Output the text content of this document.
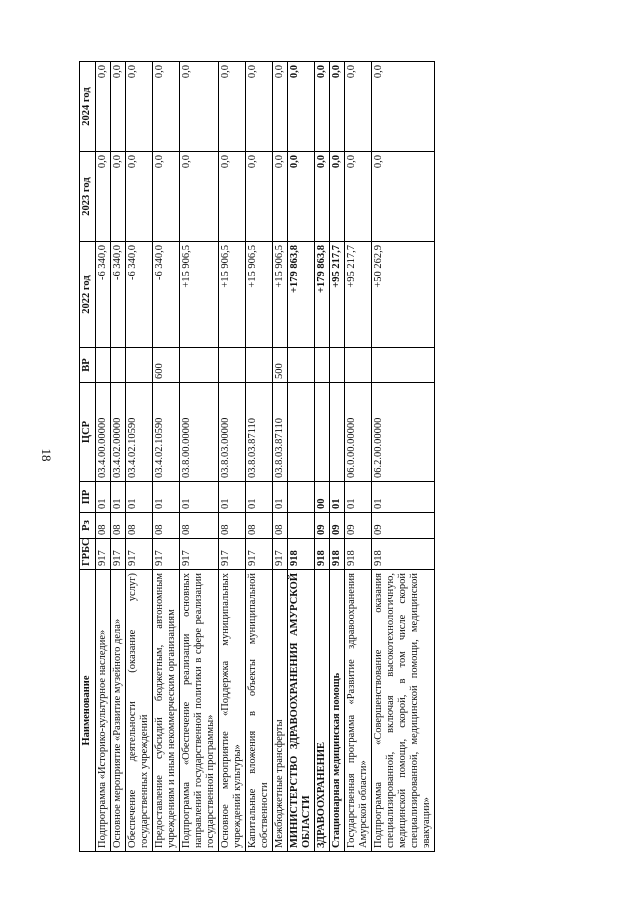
18
Наименование	ГРБС	Рз	ПР	ЦСР	ВР	2022 год	2023 год	2024 год
Подпрограмма «Историко-культурное наследие»	917	08	01	03.4.00.00000		-6 340,0	0,0	0,0
Основное мероприятие «Развитие музейного дела»	917	08	01	03.4.02.00000		-6 340,0	0,0	0,0
Обеспечение деятельности (оказание услуг) государственных учреждений	917	08	01	03.4.02.10590		-6 340,0	0,0	0,0
Предоставление субсидий бюджетным, автономным учреждениям и иным некоммерческим организациям	917	08	01	03.4.02.10590	600	-6 340,0	0,0	0,0
Подпрограмма «Обеспечение реализации основных направлений государственной политики в сфере реализации государственной программы»	917	08	01	03.8.00.00000		+15 906,5	0,0	0,0
Основное мероприятие «Поддержка муниципальных учреждений культуры»	917	08	01	03.8.03.00000		+15 906,5	0,0	0,0
Капитальные вложения в объекты муниципальной собственности	917	08	01	03.8.03.87110		+15 906,5	0,0	0,0
Межбюджетные трансферты	917	08	01	03.8.03.87110	500	+15 906,5	0,0	0,0
МИНИСТЕРСТВО ЗДРАВООХРАНЕНИЯ АМУРСКОЙ ОБЛАСТИ	918					+179 863,8	0,0	0,0
ЗДРАВООХРАНЕНИЕ	918	09	00			+179 863,8	0,0	0,0
Стационарная медицинская помощь	918	09	01			+95 217,7	0,0	0,0
Государственная программа «Развитие здравоохранения Амурской области»	918	09	01	06.0.00.00000		+95 217,7	0,0	0,0
Подпрограмма «Совершенствование оказания специализированной, включая высокотехнологичную, медицинской помощи, скорой, в том числе скорой специализированной, медицинской помощи, медицинской эвакуации»	918	09	01	06.2.00.00000		+50 262,9	0,0	0,0
